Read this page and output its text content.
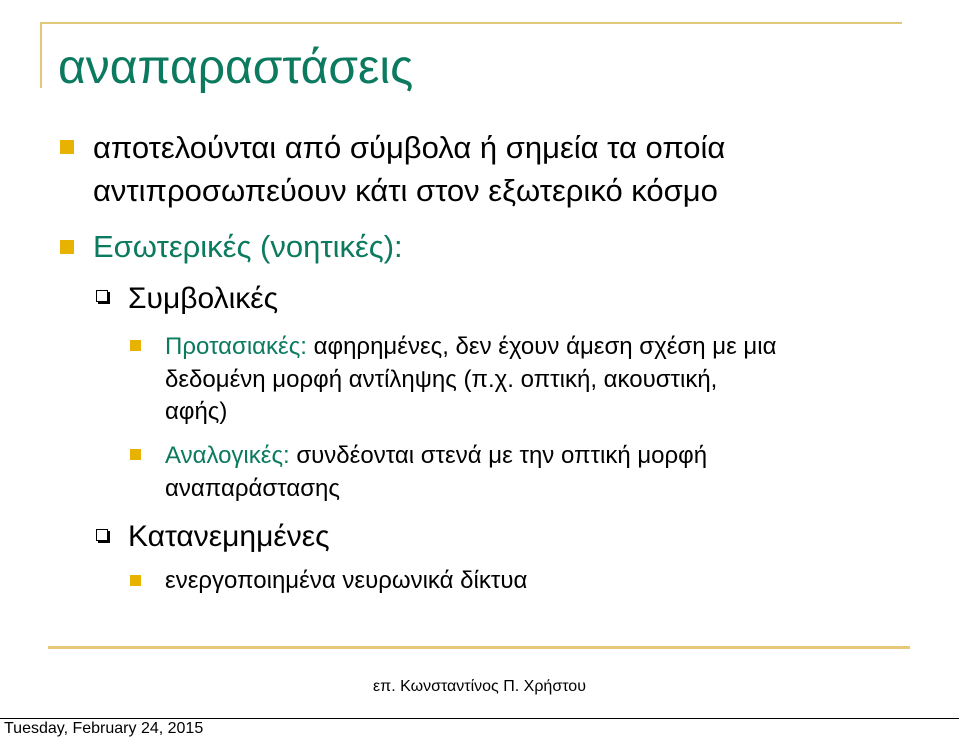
αναπαραστάσεις
αποτελούνται από σύμβολα ή σημεία τα οποία
αντιπροσωπεύουν κάτι στον εξωτερικό κόσμο
Εσωτερικές (νοητικές):
Συμβολικές
Προτασιακές: αφηρημένες, δεν έχουν άμεση σχέση με μια
δεδομένη μορφή αντίληψης (π.χ. οπτική, ακουστική,
αφής)
Αναλογικές: συνδέονται στενά με την οπτική μορφή
αναπαράστασης
Κατανεμημένες
ενεργοποιημένα νευρωνικά δίκτυα
επ. Κωνσταντίνος Π. Χρήστου
Tuesday, February 24, 2015
